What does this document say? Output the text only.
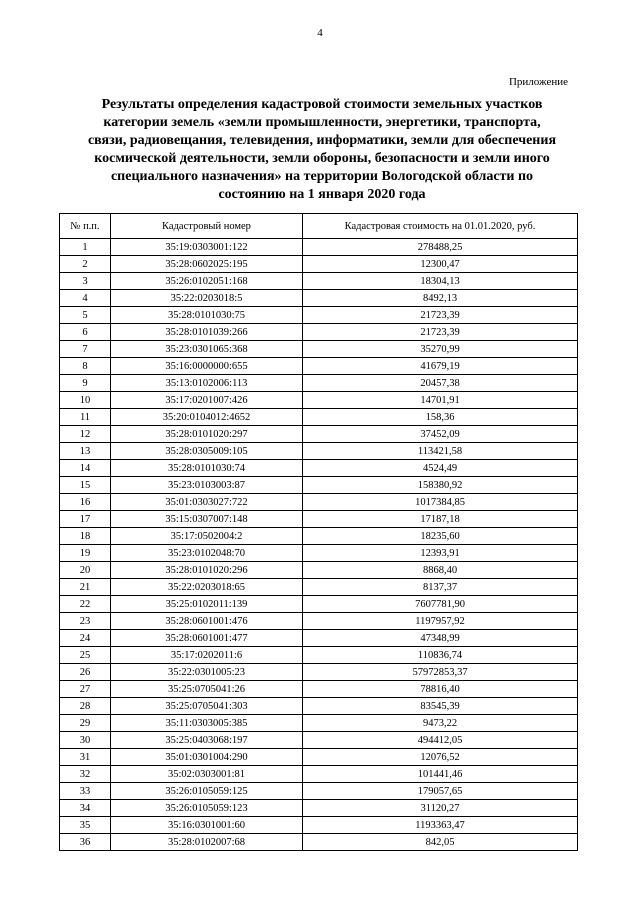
4
Приложение
Результаты определения кадастровой стоимости земельных участков
категории земель «земли промышленности, энергетики, транспорта,
связи, радиовещания, телевидения, информатики, земли для обеспечения
космической деятельности, земли обороны, безопасности и земли иного
специального назначения» на территории Вологодской области по
состоянию на 1 января 2020 года
№ п.п.	Кадастровый номер	Кадастровая стоимость на 01.01.2020, руб.
1	35:19:0303001:122	278488,25
2	35:28:0602025:195	12300,47
3	35:26:0102051:168	18304,13
4	35:22:0203018:5	8492,13
5	35:28:0101030:75	21723,39
6	35:28:0101039:266	21723,39
7	35:23:0301065:368	35270,99
8	35:16:0000000:655	41679,19
9	35:13:0102006:113	20457,38
10	35:17:0201007:426	14701,91
11	35:20:0104012:4652	158,36
12	35:28:0101020:297	37452,09
13	35:28:0305009:105	113421,58
14	35:28:0101030:74	4524,49
15	35:23:0103003:87	158380,92
16	35:01:0303027:722	1017384,85
17	35:15:0307007:148	17187,18
18	35:17:0502004:2	18235,60
19	35:23:0102048:70	12393,91
20	35:28:0101020:296	8868,40
21	35:22:0203018:65	8137,37
22	35:25:0102011:139	7607781,90
23	35:28:0601001:476	1197957,92
24	35:28:0601001:477	47348,99
25	35:17:0202011:6	110836,74
26	35:22:0301005:23	57972853,37
27	35:25:0705041:26	78816,40
28	35:25:0705041:303	83545,39
29	35:11:0303005:385	9473,22
30	35:25:0403068:197	494412,05
31	35:01:0301004:290	12076,52
32	35:02:0303001:81	101441,46
33	35:26:0105059:125	179057,65
34	35:26:0105059:123	31120,27
35	35:16:0301001:60	1193363,47
36	35:28:0102007:68	842,05
